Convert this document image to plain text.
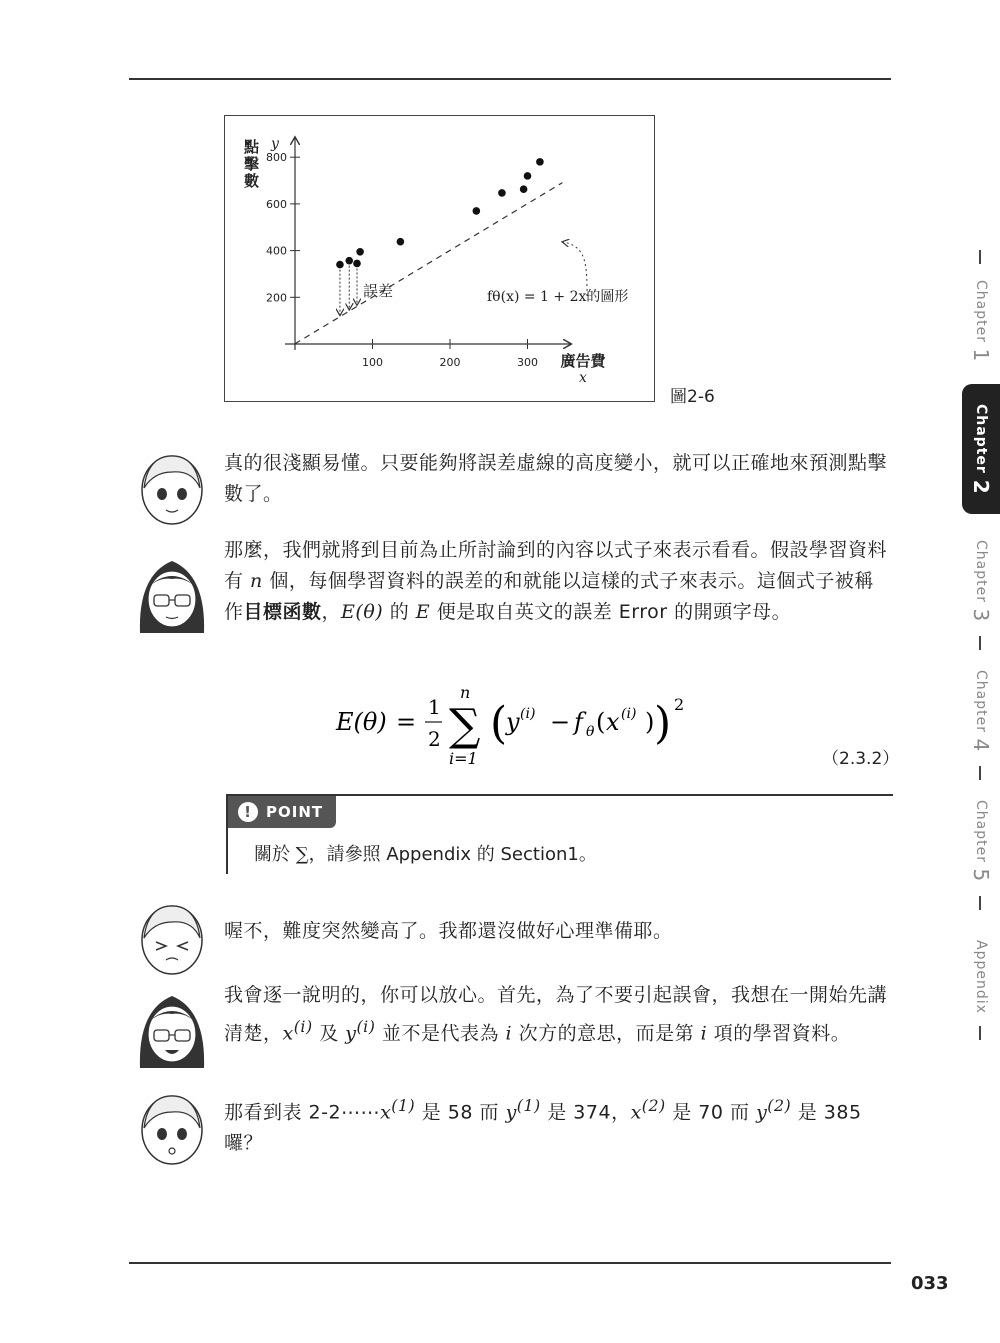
點
擊
數
y
200
400
600
800
100	200	300 廣告費
x
fθ(x) = 1 + 2x的圖形
誤差
圖2-6
真的很淺顯易懂。只要能夠將誤差虛線的高度變小，就可以正確地來預測點擊數了。
那麼，我們就將到目前為止所討論到的內容以式子來表示看看。假設學習資料有 n 個，每個學習資料的誤差的和就能以這樣的式子來表示。這個式子被稱作目標函數，E(θ) 的 E 便是取自英文的誤差 Error 的開頭字母。
E(θ) =
1
2
n
∑
i=1
(
y (i) − f θ ( x (i) ) ) 2
（2.3.2）
! POINT
關於 ∑，請參照 Appendix 的 Section1。
喔不，難度突然變高了。我都還沒做好心理準備耶。
我會逐一說明的，你可以放心。首先，為了不要引起誤會，我想在一開始先講清楚，$x^{(i)}$ 及 $y^{(i)}$ 並不是代表為 i 次方的意思，而是第 i 項的學習資料。
那看到表 $2-2\cdots\cdots x^{(1)}$ 是 58 而 $y^{(1)}$ 是 374，$x^{(2)}$ 是 70 而 $y^{(2)}$ 是 385 囉？
Chapter 1
Chapter 2
Chapter 3
Chapter 4
Chapter 5
Appendix
033
